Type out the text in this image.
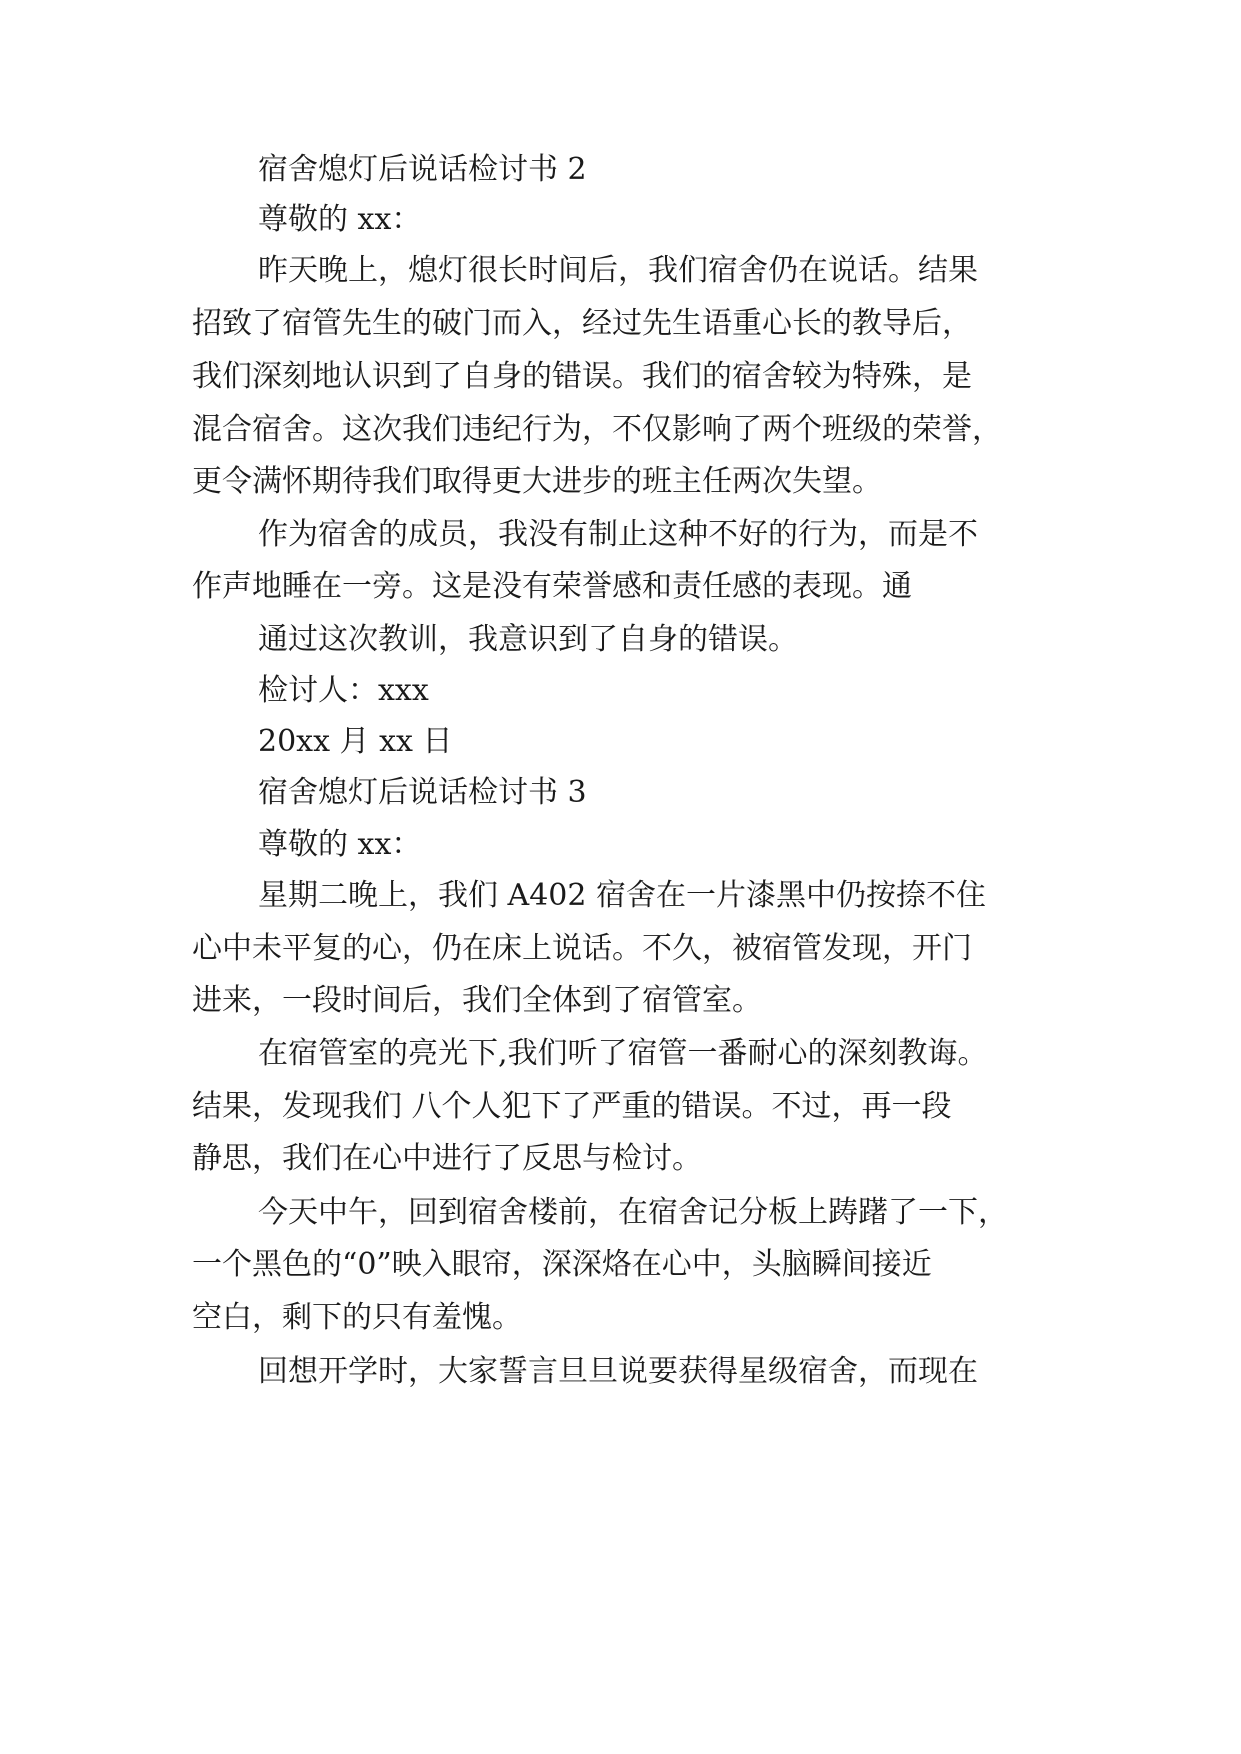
宿舍熄灯后说话检讨书 2
尊敬的 xx：
昨天晚上，熄灯很长时间后，我们宿舍仍在说话。结果
招致了宿管先生的破门而入，经过先生语重心长的教导后，
我们深刻地认识到了自身的错误。我们的宿舍较为特殊，是
混合宿舍。这次我们违纪行为，不仅影响了两个班级的荣誉，
更令满怀期待我们取得更大进步的班主任两次失望。
作为宿舍的成员，我没有制止这种不好的行为，而是不
作声地睡在一旁。这是没有荣誉感和责任感的表现。通
通过这次教训，我意识到了自身的错误。
检讨人：xxx
20xx 月 xx 日
宿舍熄灯后说话检讨书 3
尊敬的 xx：
星期二晚上，我们 A402 宿舍在一片漆黑中仍按捺不住
心中未平复的心，仍在床上说话。不久，被宿管发现，开门
进来，一段时间后，我们全体到了宿管室。
在宿管室的亮光下,我们听了宿管一番耐心的深刻教诲。
结果，发现我们 八个人犯下了严重的错误。不过，再一段
静思，我们在心中进行了反思与检讨。
今天中午，回到宿舍楼前，在宿舍记分板上踌躇了一下，
一个黑色的“0”映入眼帘，深深烙在心中，头脑瞬间接近
空白，剩下的只有羞愧。
回想开学时，大家誓言旦旦说要获得星级宿舍，而现在
